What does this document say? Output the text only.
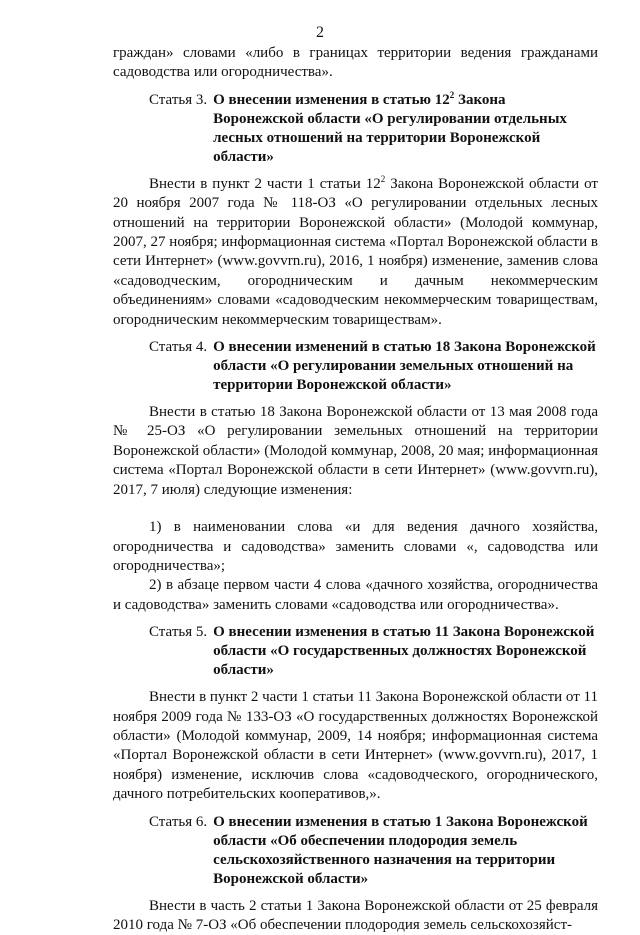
2

граждан» словами «либо в границах территории ведения гражданами садоводства или огородничества».

Статья 3. О внесении изменения в статью $12^2$ Закона Воронежской области «О регулировании отдельных лесных отношений на территории Воронежской области»

Внести в пункт 2 части 1 статьи $12^2$ Закона Воронежской области от 20 ноября 2007 года № 118-ОЗ «О регулировании отдельных лесных отношений на территории Воронежской области» (Молодой коммунар, 2007, 27 ноября; информационная система «Портал Воронежской области в сети Интернет» (www.govvrn.ru), 2016, 1 ноября) изменение, заменив слова «садоводческим, огородническим и дачным некоммерческим объединениям» словами «садоводческим некоммерческим товариществам, огородническим некоммерческим товариществам».

Статья 4. О внесении изменений в статью 18 Закона Воронежской области «О регулировании земельных отношений на территории Воронежской области»

Внести в статью 18 Закона Воронежской области от 13 мая 2008 года № 25-ОЗ «О регулировании земельных отношений на территории Воронежской области» (Молодой коммунар, 2008, 20 мая; информационная система «Портал Воронежской области в сети Интернет» (www.govvrn.ru), 2017, 7 июля) следующие изменения:

1) в наименовании слова «и для ведения дачного хозяйства, огородничества и садоводства» заменить словами «, садоводства или огородничества»;

2) в абзаце первом части 4 слова «дачного хозяйства, огородничества и садоводства» заменить словами «садоводства или огородничества».

Статья 5. О внесении изменения в статью 11 Закона Воронежской области «О государственных должностях Воронежской области»

Внести в пункт 2 части 1 статьи 11 Закона Воронежской области от 11 ноября 2009 года № 133-ОЗ «О государственных должностях Воронежской области» (Молодой коммунар, 2009, 14 ноября; информационная система «Портал Воронежской области в сети Интернет» (www.govvrn.ru), 2017, 1 ноября) изменение, исключив слова «садоводческого, огороднического, дачного потребительских кооперативов,».

Статья 6. О внесении изменения в статью 1 Закона Воронежской области «Об обеспечении плодородия земель сельскохозяйственного назначения на территории Воронежской области»

Внести в часть 2 статьи 1 Закона Воронежской области от 25 февраля 2010 года № 7-ОЗ «Об обеспечении плодородия земель сельскохозяйст-
